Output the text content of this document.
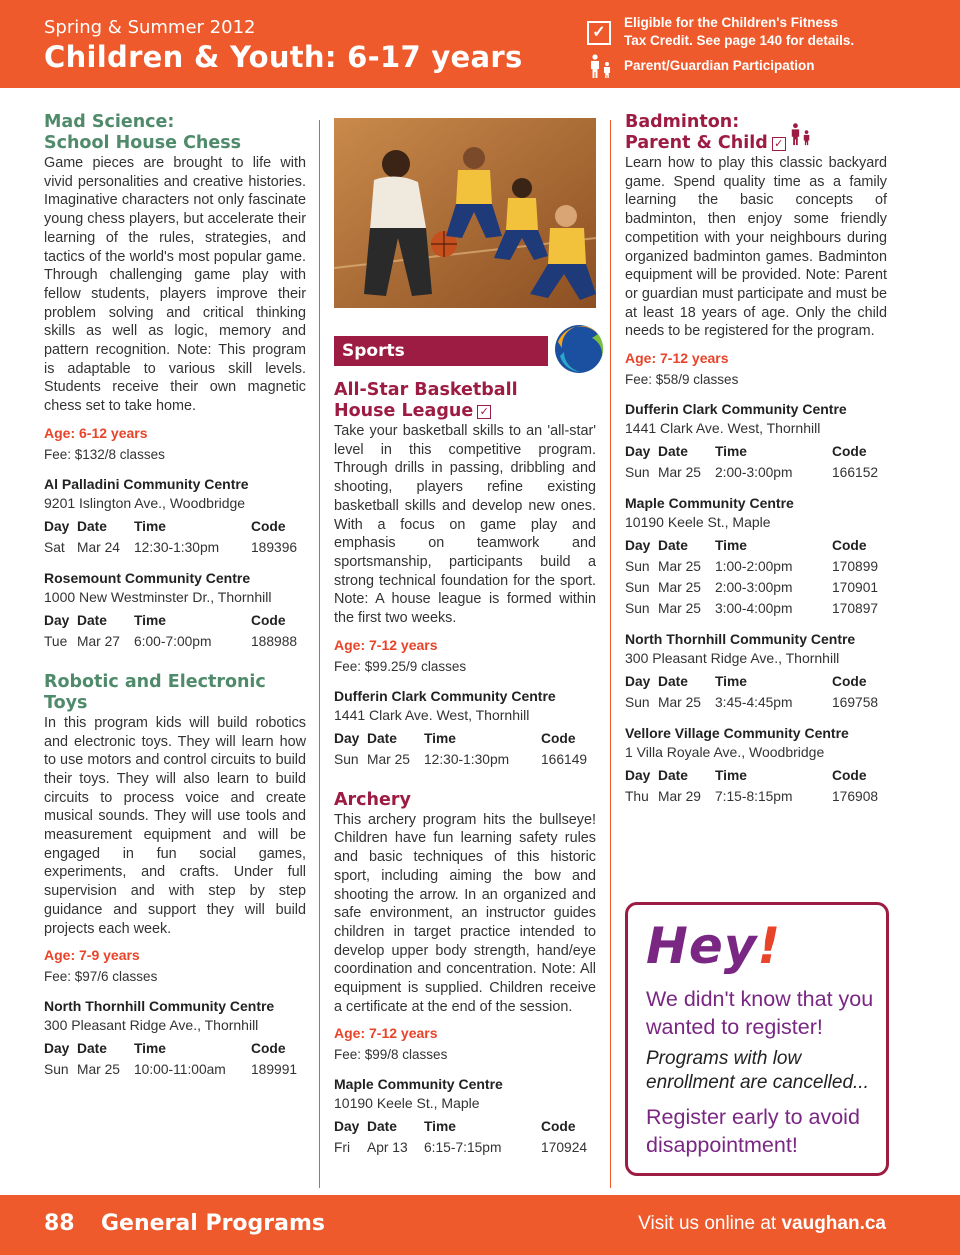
Spring & Summer 2012
Children & Youth: 6-17 years
✓
Eligible for the Children's Fitness
Tax Credit. See page 140 for details.
Parent/Guardian Participation
Mad Science:
School House Chess

Game pieces are brought to life with vivid personalities and creative histories. Imaginative characters not only fascinate young chess players, but accelerate their learning of the rules, strategies, and tactics of the world's most popular game. Through challenging game play with fellow students, players improve their problem solving and critical thinking skills as well as logic, memory and pattern recognition. Note: This program is adaptable to various skill levels. Students receive their own magnetic chess set to take home.

Age: 6-12 years
Fee: $132/8 classes
Al Palladini Community Centre
9201 Islington Ave., Woodbridge
Day	Date	Time	Code
Sat	Mar 24	12:30-1:30pm	189396
Rosemount Community Centre
1000 New Westminster Dr., Thornhill
Day	Date	Time	Code
Tue	Mar 27	6:00-7:00pm	188988
Robotic and Electronic Toys

In this program kids will build robotics and electronic toys. They will learn how to use motors and control circuits to build their toys. They will also learn to build circuits to process voice and create musical sounds. They will use tools and measurement equipment and will be engaged in fun social games, experiments, and crafts. Under full supervision and with step by step guidance and support they will build projects each week.

Age: 7-9 years
Fee: $97/6 classes
North Thornhill Community Centre
300 Pleasant Ridge Ave., Thornhill
Day	Date	Time	Code
Sun	Mar 25	10:00-11:00am	189991
Sports
All-Star Basketball
House League ✓

Take your basketball skills to an 'all-star' level in this competitive program. Through drills in passing, dribbling and shooting, players refine existing basketball skills and develop new ones. With a focus on game play and emphasis on teamwork and sportsmanship, participants build a strong technical foundation for the sport. Note: A house league is formed within the first two weeks.

Age: 7-12 years
Fee: $99.25/9 classes
Dufferin Clark Community Centre
1441 Clark Ave. West, Thornhill
Day	Date	Time	Code
Sun	Mar 25	12:30-1:30pm	166149
Archery

This archery program hits the bullseye! Children have fun learning safety rules and basic techniques of this historic sport, including aiming the bow and shooting the arrow. In an organized and safe environment, an instructor guides children in target practice intended to develop upper body strength, hand/eye coordination and concentration. Note: All equipment is supplied. Children receive a certificate at the end of the session.

Age: 7-12 years
Fee: $99/8 classes
Maple Community Centre
10190 Keele St., Maple
Day	Date	Time	Code
Fri	Apr 13	6:15-7:15pm	170924
Badminton:
Parent & Child ✓

Learn how to play this classic backyard game. Spend quality time as a family learning the basic concepts of badminton, then enjoy some friendly competition with your neighbours during organized badminton games. Badminton equipment will be provided. Note: Parent or guardian must participate and must be at least 18 years of age. Only the child needs to be registered for the program.

Age: 7-12 years
Fee: $58/9 classes
Dufferin Clark Community Centre
1441 Clark Ave. West, Thornhill
Day	Date	Time	Code
Sun	Mar 25	2:00-3:00pm	166152
Maple Community Centre
10190 Keele St., Maple
Day	Date	Time	Code
Sun	Mar 25	1:00-2:00pm	170899
Sun	Mar 25	2:00-3:00pm	170901
Sun	Mar 25	3:00-4:00pm	170897
North Thornhill Community Centre
300 Pleasant Ridge Ave., Thornhill
Day	Date	Time	Code
Sun	Mar 25	3:45-4:45pm	169758
Vellore Village Community Centre
1 Villa Royale Ave., Woodbridge
Day	Date	Time	Code
Thu	Mar 29	7:15-8:15pm	176908
Hey!
We didn't know that you wanted to register!
Programs with low enrollment are cancelled...
Register early to avoid disappointment!
88 General Programs	Visit us online at vaughan.ca
